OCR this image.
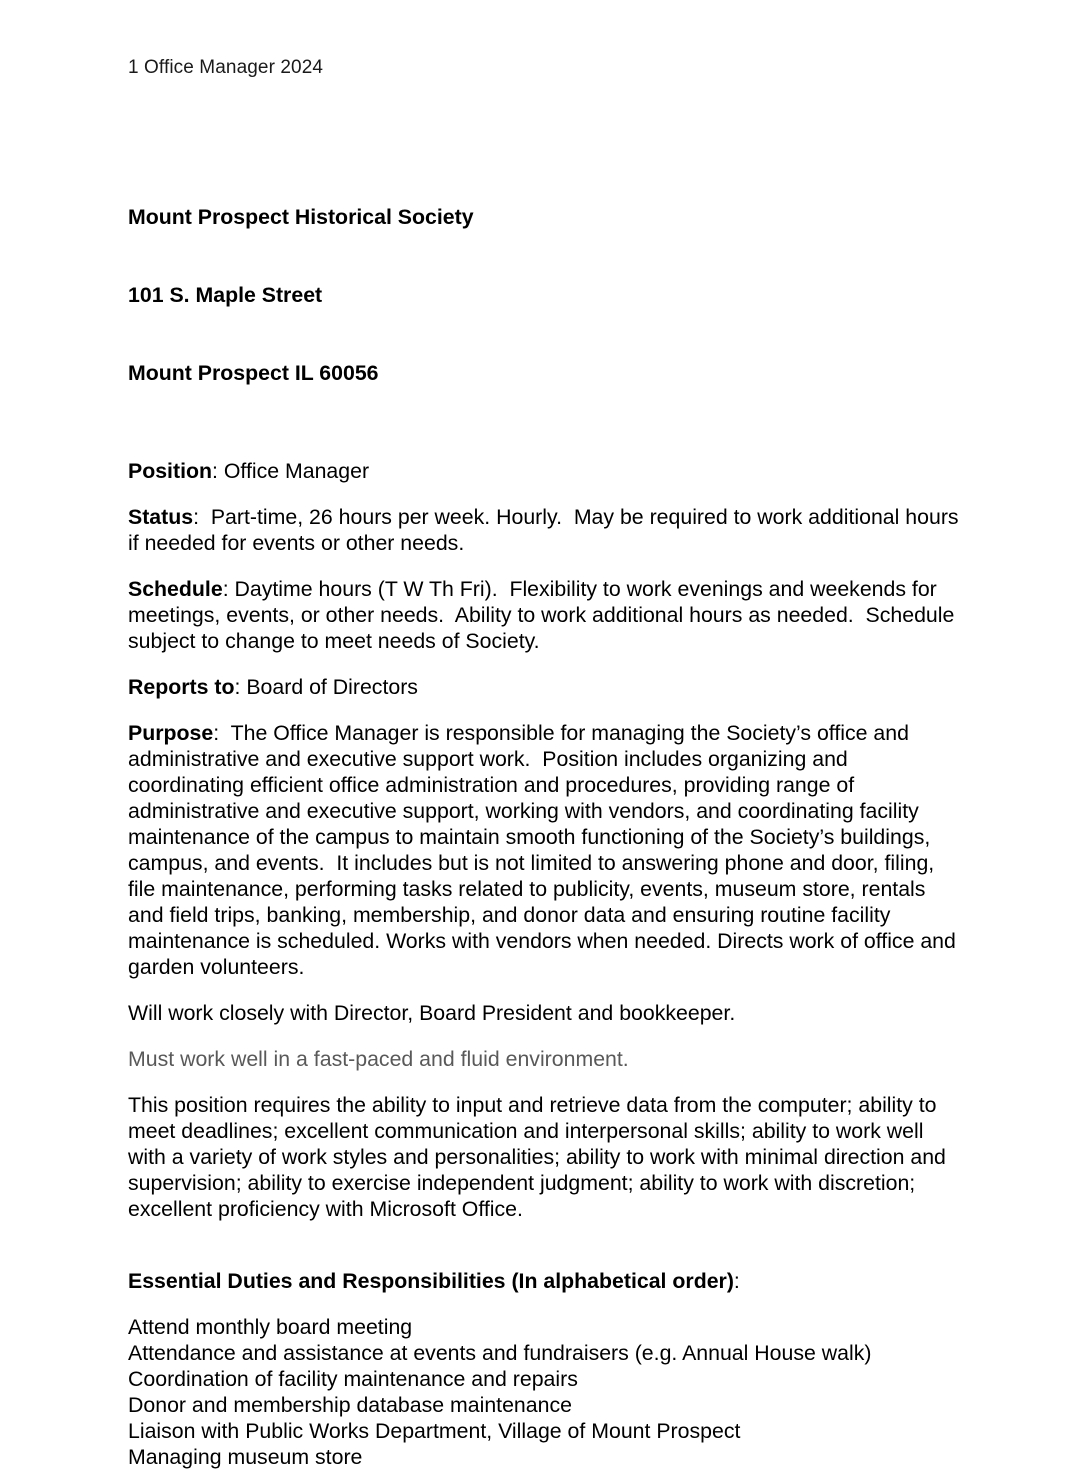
1 Office Manager 2024

Mount Prospect Historical Society

101 S. Maple Street

Mount Prospect IL 60056

Position: Office Manager
Status:  Part-time, 26 hours per week. Hourly.  May be required to work additional hours if needed for events or other needs.
Schedule: Daytime hours (T W Th Fri).  Flexibility to work evenings and weekends for meetings, events, or other needs.  Ability to work additional hours as needed.  Schedule subject to change to meet needs of Society.
Reports to: Board of Directors
Purpose:  The Office Manager is responsible for managing the Society’s office and administrative and executive support work.  Position includes organizing and coordinating efficient office administration and procedures, providing range of administrative and executive support, working with vendors, and coordinating facility maintenance of the campus to maintain smooth functioning of the Society’s buildings, campus, and events.  It includes but is not limited to answering phone and door, filing, file maintenance, performing tasks related to publicity, events, museum store, rentals and field trips, banking, membership, and donor data and ensuring routine facility maintenance is scheduled. Works with vendors when needed. Directs work of office and garden volunteers.
Will work closely with Director, Board President and bookkeeper.
Must work well in a fast-paced and fluid environment.
This position requires the ability to input and retrieve data from the computer; ability to meet deadlines; excellent communication and interpersonal skills; ability to work well with a variety of work styles and personalities; ability to work with minimal direction and supervision; ability to exercise independent judgment; ability to work with discretion; excellent proficiency with Microsoft Office.
Essential Duties and Responsibilities (In alphabetical order):
Attend monthly board meeting
Attendance and assistance at events and fundraisers (e.g. Annual House walk)
Coordination of facility maintenance and repairs
Donor and membership database maintenance
Liaison with Public Works Department, Village of Mount Prospect
Managing museum store
